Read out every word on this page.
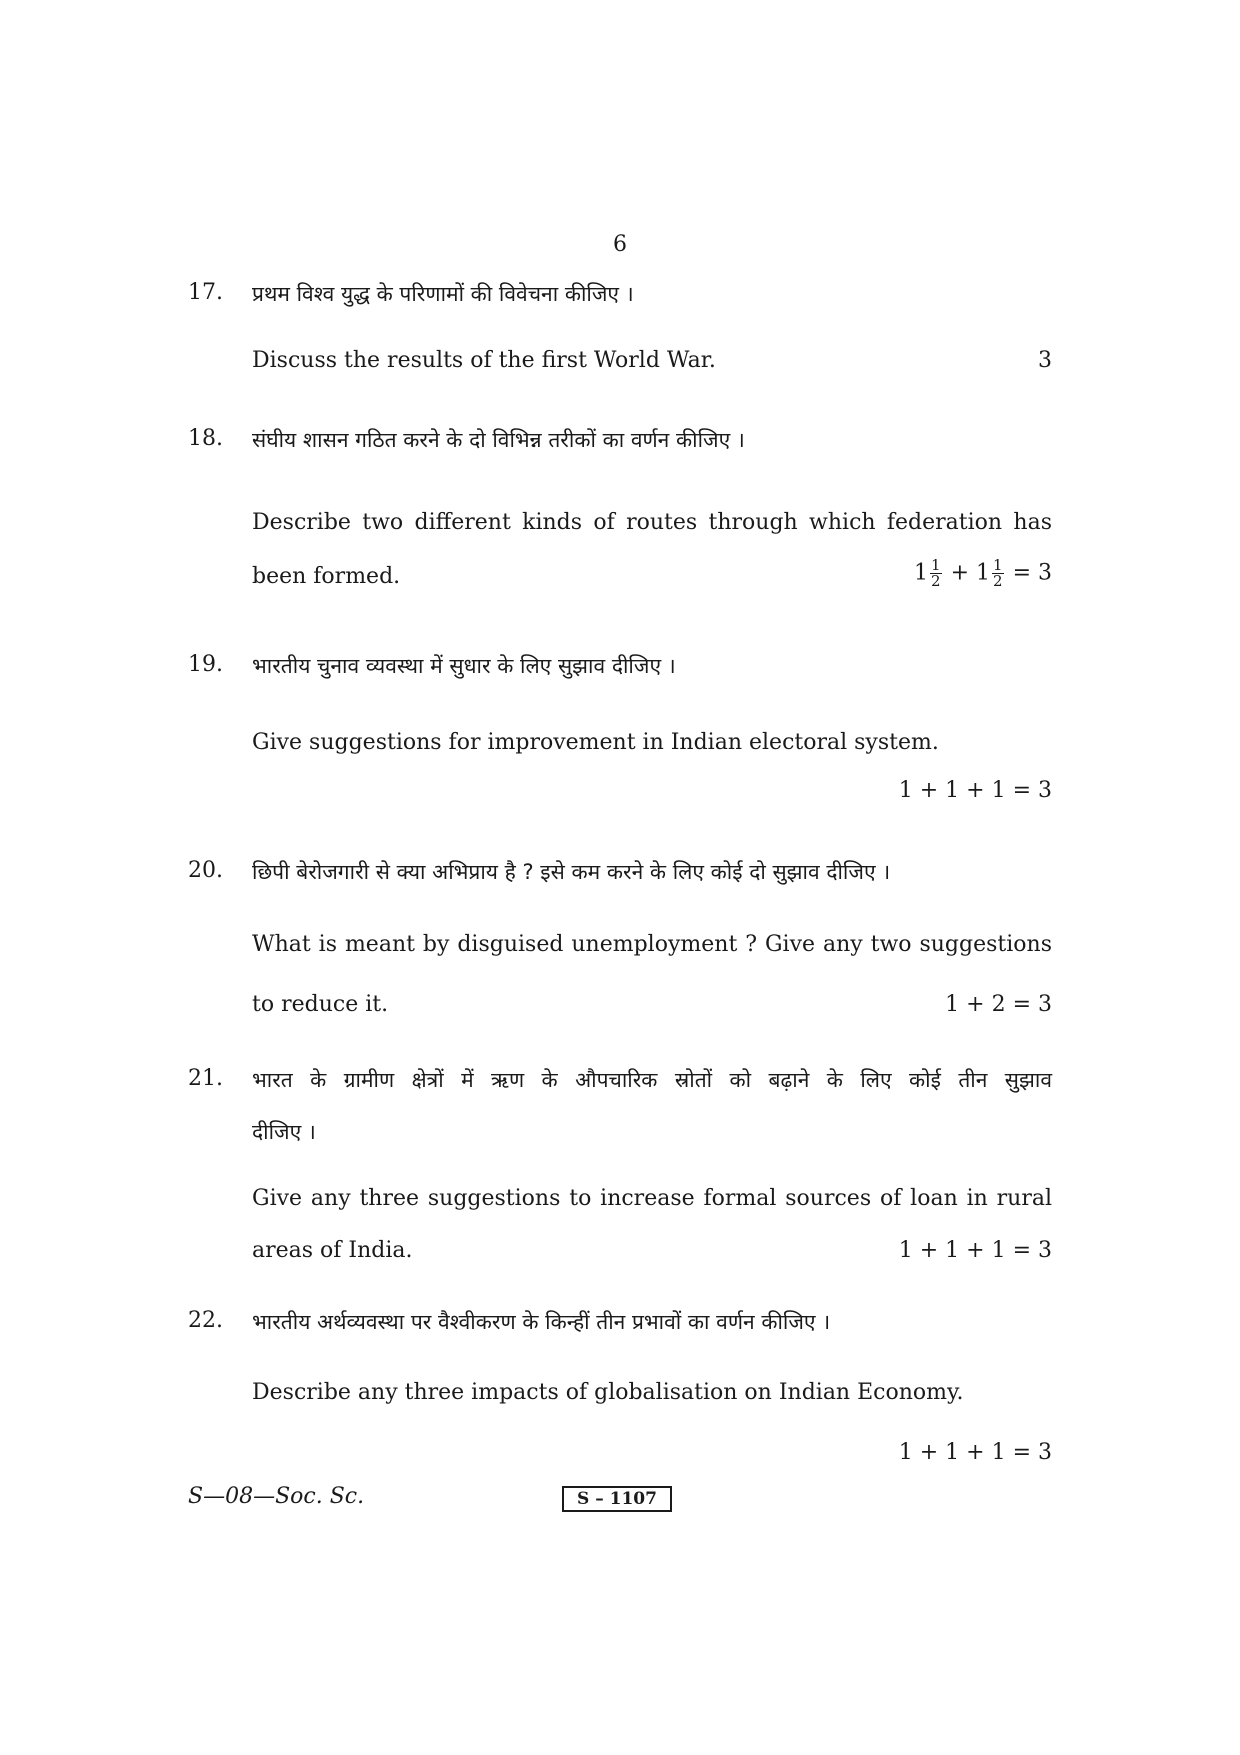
6
17. प्रथम विश्व युद्ध के परिणामों की विवेचना कीजिए ।
Discuss the results of the first World War.	3
18. संघीय शासन गठित करने के दो विभिन्न तरीकों का वर्णन कीजिए ।
Describe two different kinds of routes through which federation has
been formed.	$1 \frac{1}{2} + 1 \frac{1}{2} = 3$
19. भारतीय चुनाव व्यवस्था में सुधार के लिए सुझाव दीजिए ।
Give suggestions for improvement in Indian electoral system.
1 + 1 + 1 = 3
20. छिपी बेरोजगारी से क्या अभिप्राय है ? इसे कम करने के लिए कोई दो सुझाव दीजिए ।
What is meant by disguised unemployment ? Give any two suggestions
to reduce it.	1 + 2 = 3
21. भारत के ग्रामीण क्षेत्रों में ऋण के औपचारिक स्रोतों को बढ़ाने के लिए कोई तीन सुझाव
दीजिए ।
Give any three suggestions to increase formal sources of loan in rural
areas of India.	1 + 1 + 1 = 3
22. भारतीय अर्थव्यवस्था पर वैश्वीकरण के किन्हीं तीन प्रभावों का वर्णन कीजिए ।
Describe any three impacts of globalisation on Indian Economy.
1 + 1 + 1 = 3
S—08—Soc. Sc.	S – 1107
